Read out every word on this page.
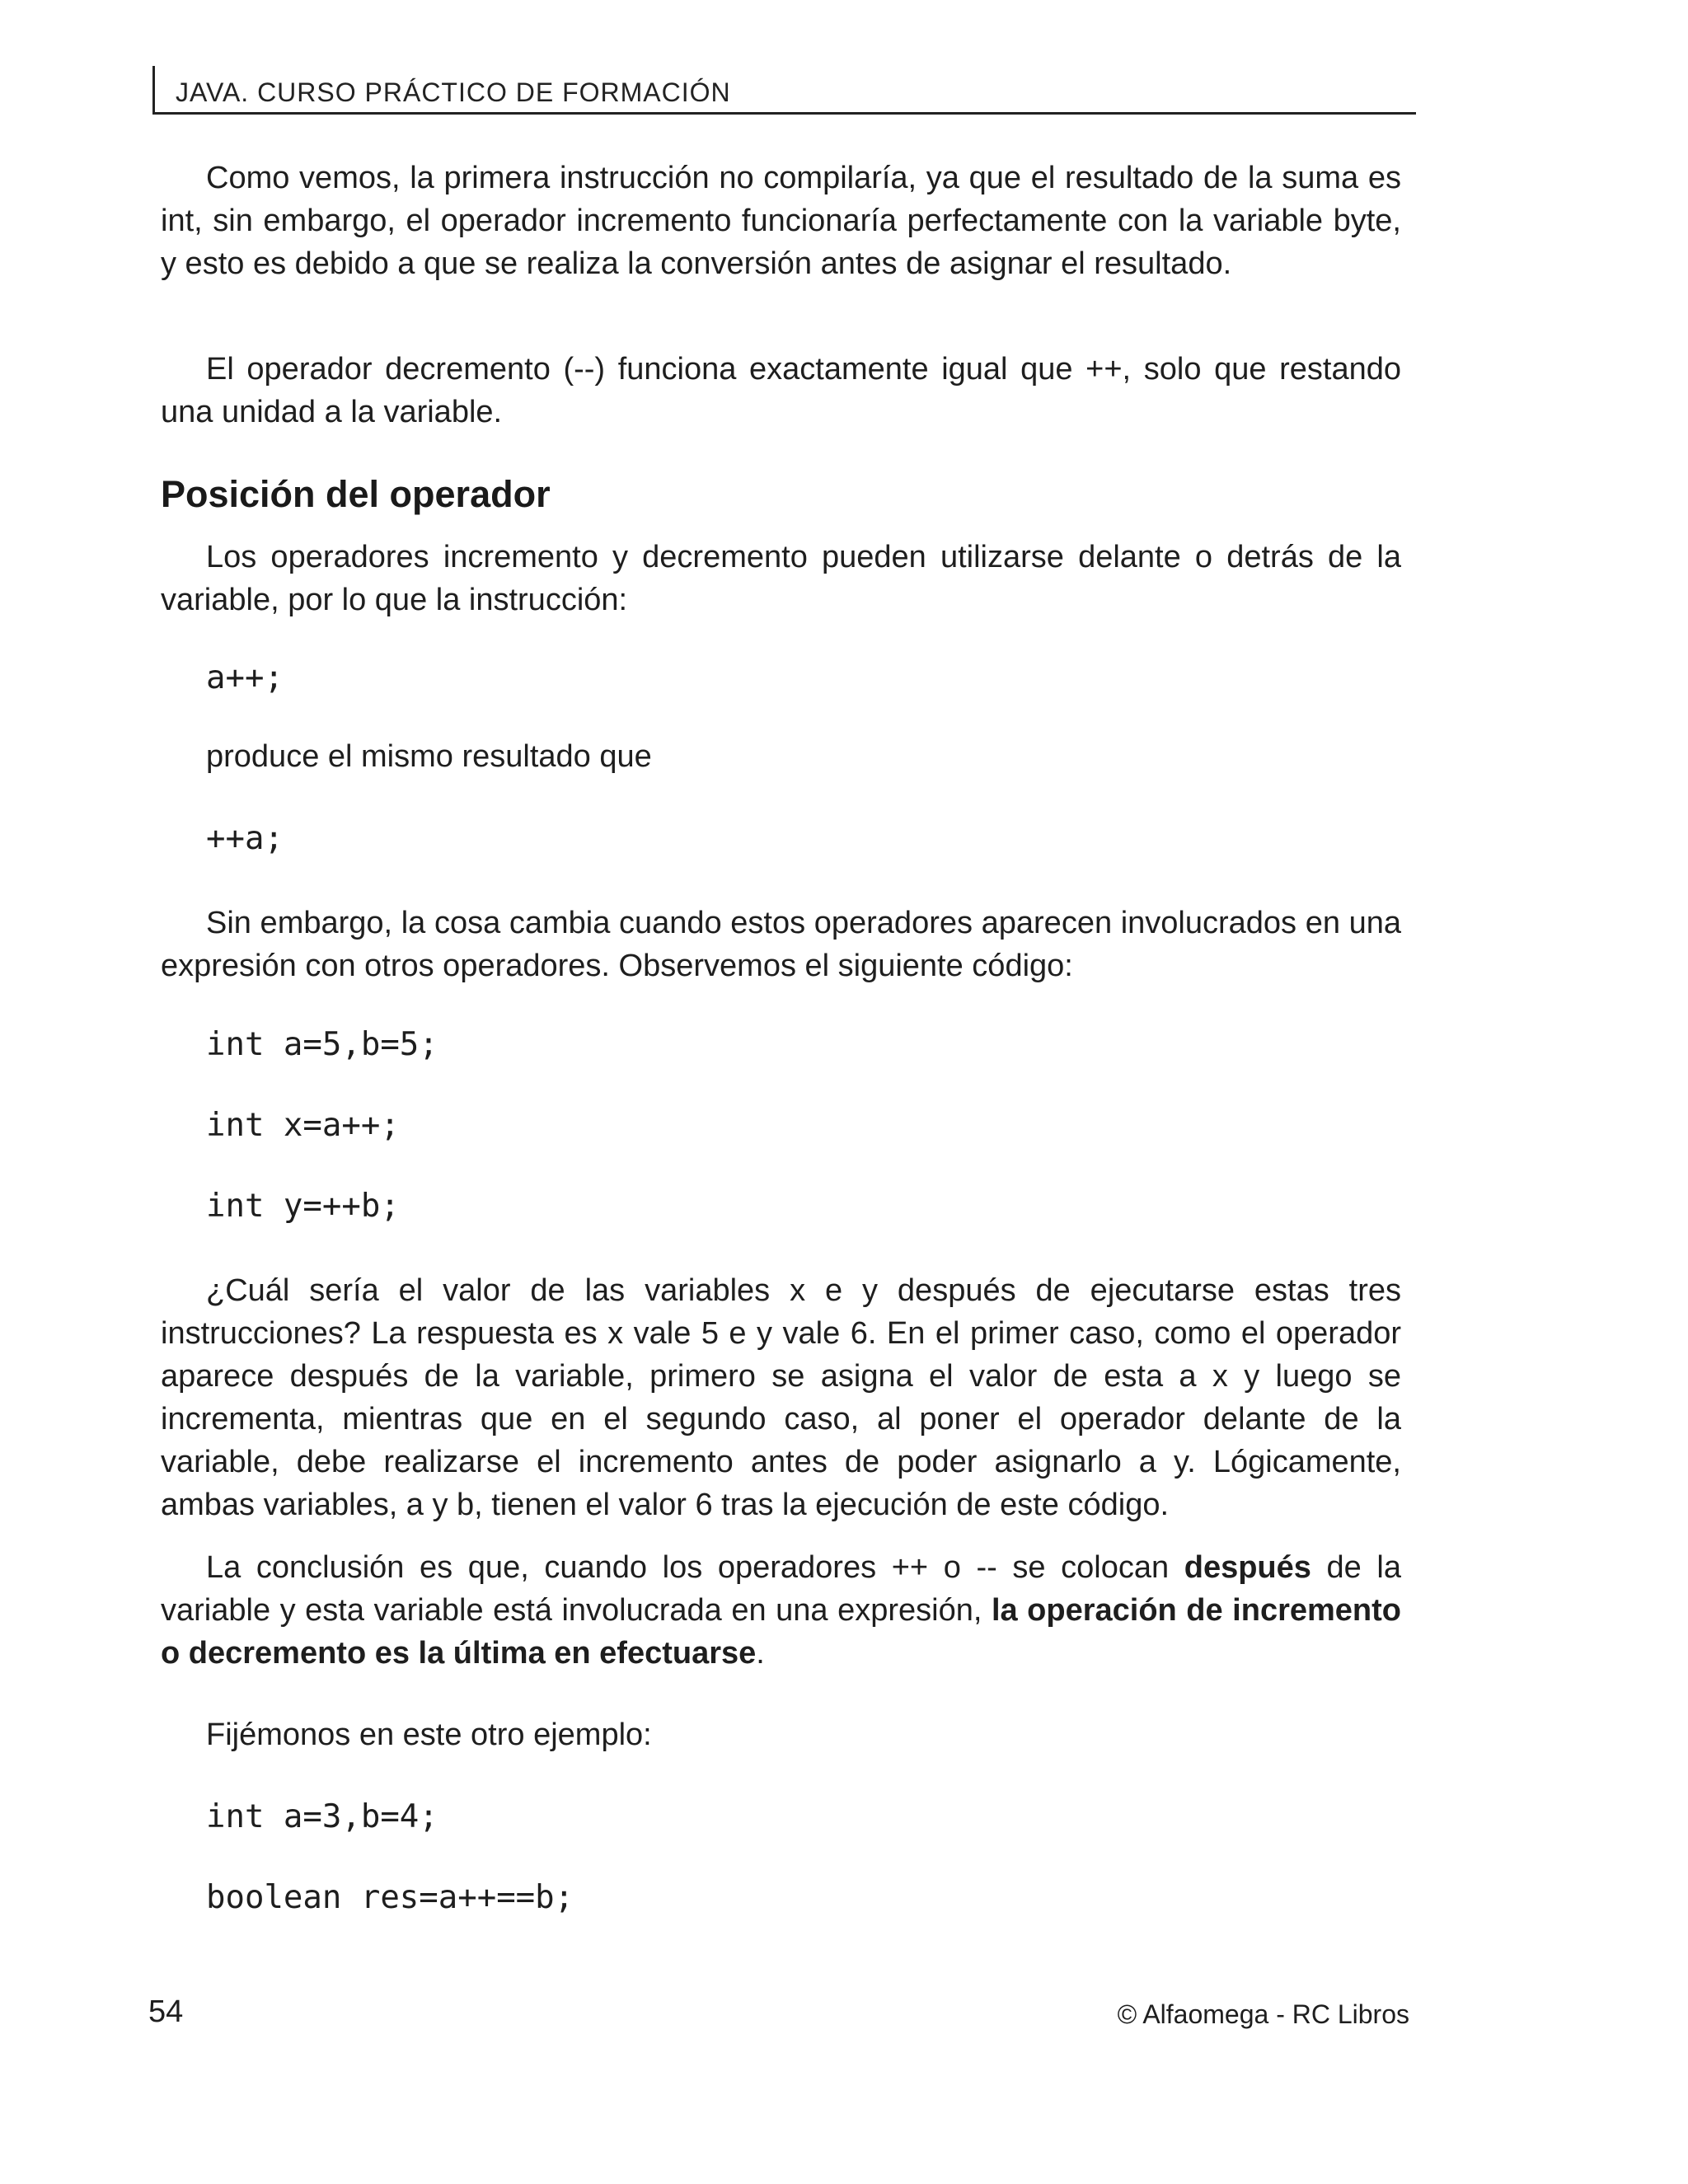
JAVA. CURSO PRÁCTICO DE FORMACIÓN

Como vemos, la primera instrucción no compilaría, ya que el resultado de la suma es int, sin embargo, el operador incremento funcionaría perfectamente con la variable byte, y esto es debido a que se realiza la conversión antes de asignar el resultado.

El operador decremento (--) funciona exactamente igual que ++, solo que restando una unidad a la variable.

Posición del operador

Los operadores incremento y decremento pueden utilizarse delante o detrás de la variable, por lo que la instrucción:

a++;

produce el mismo resultado que

++a;

Sin embargo, la cosa cambia cuando estos operadores aparecen involucrados en una expresión con otros operadores. Observemos el siguiente código:

int a=5,b=5;

int x=a++;

int y=++b;

¿Cuál sería el valor de las variables x e y después de ejecutarse estas tres instrucciones? La respuesta es x vale 5 e y vale 6. En el primer caso, como el operador aparece después de la variable, primero se asigna el valor de esta a x y luego se incrementa, mientras que en el segundo caso, al poner el operador delante de la variable, debe realizarse el incremento antes de poder asignarlo a y. Lógicamente, ambas variables, a y b, tienen el valor 6 tras la ejecución de este código.

La conclusión es que, cuando los operadores ++ o -- se colocan después de la variable y esta variable está involucrada en una expresión, la operación de incremento o decremento es la última en efectuarse.

Fijémonos en este otro ejemplo:

int a=3,b=4;

boolean res=a++==b;

54	© Alfaomega - RC Libros
